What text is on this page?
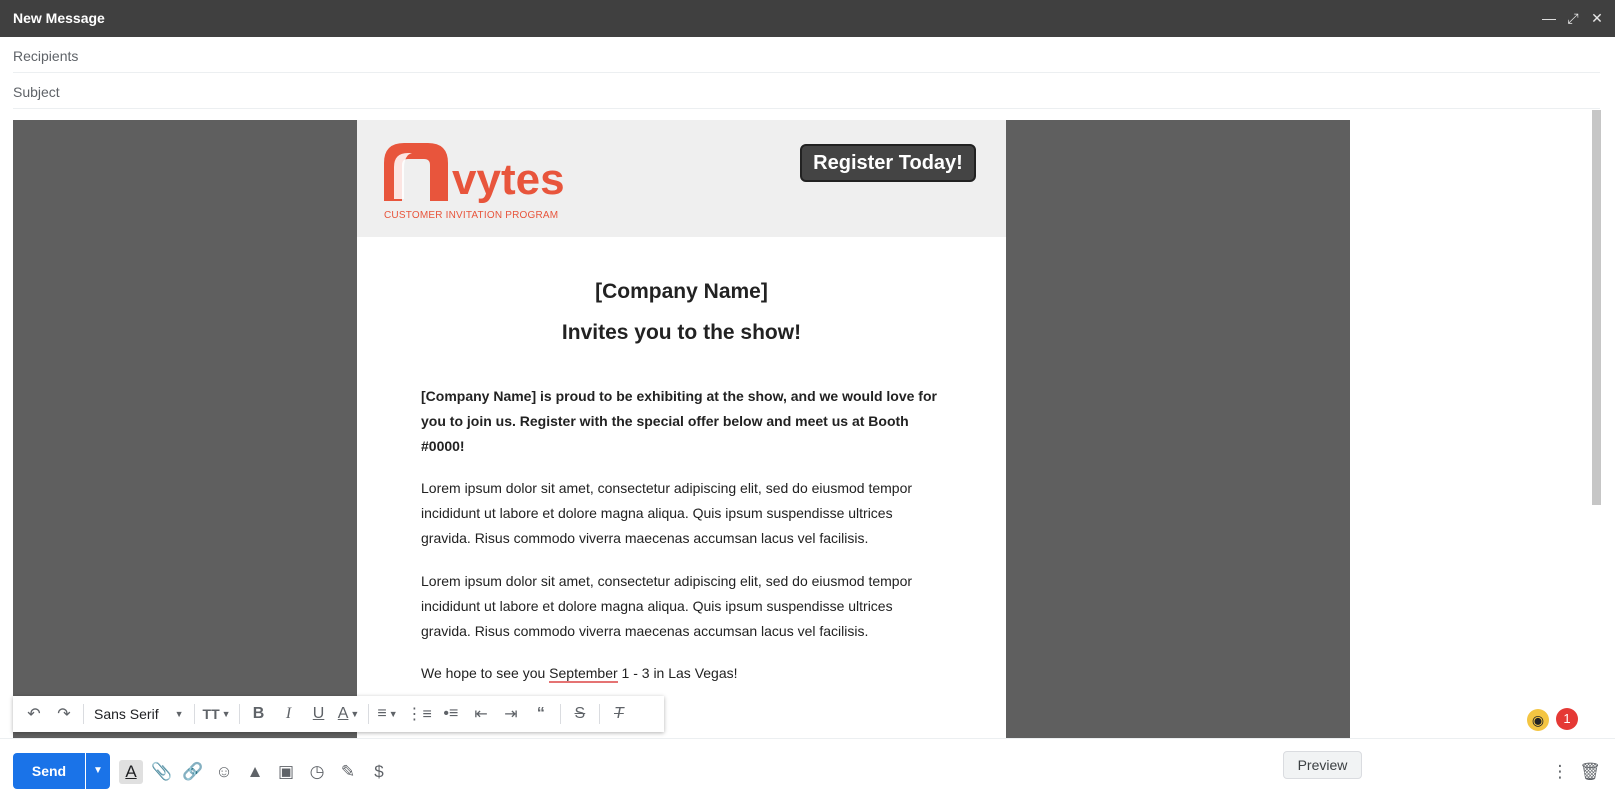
New Message	— ⤢ ✕
Recipients
Subject
vytes
CUSTOMER INVITATION PROGRAM
Register Today!
[Company Name]
Invites you to the show!
[Company Name] is proud to be exhibiting at the show, and we would love for you to join us. Register with the special offer below and meet us at Booth #0000!
Lorem ipsum dolor sit amet, consectetur adipiscing elit, sed do eiusmod tempor incididunt ut labore et dolore magna aliqua. Quis ipsum suspendisse ultrices gravida. Risus commodo viverra maecenas accumsan lacus vel facilisis.
Lorem ipsum dolor sit amet, consectetur adipiscing elit, sed do eiusmod tempor incididunt ut labore et dolore magna aliqua. Quis ipsum suspendisse ultrices gravida. Risus commodo viverra maecenas accumsan lacus vel facilisis.
We hope to see you September 1 - 3 in Las Vegas!
↶	↷	Sans Serif ▼ TT ▼ B I U A ▼	≡ ▼ ⋮≡ •≡ ⇤	⇥	“ S T	◉	1
Send	▼	A 📎 🔗 ☺ ▲ ▣ ◷ ✎	$	Preview	⋮ 🗑
